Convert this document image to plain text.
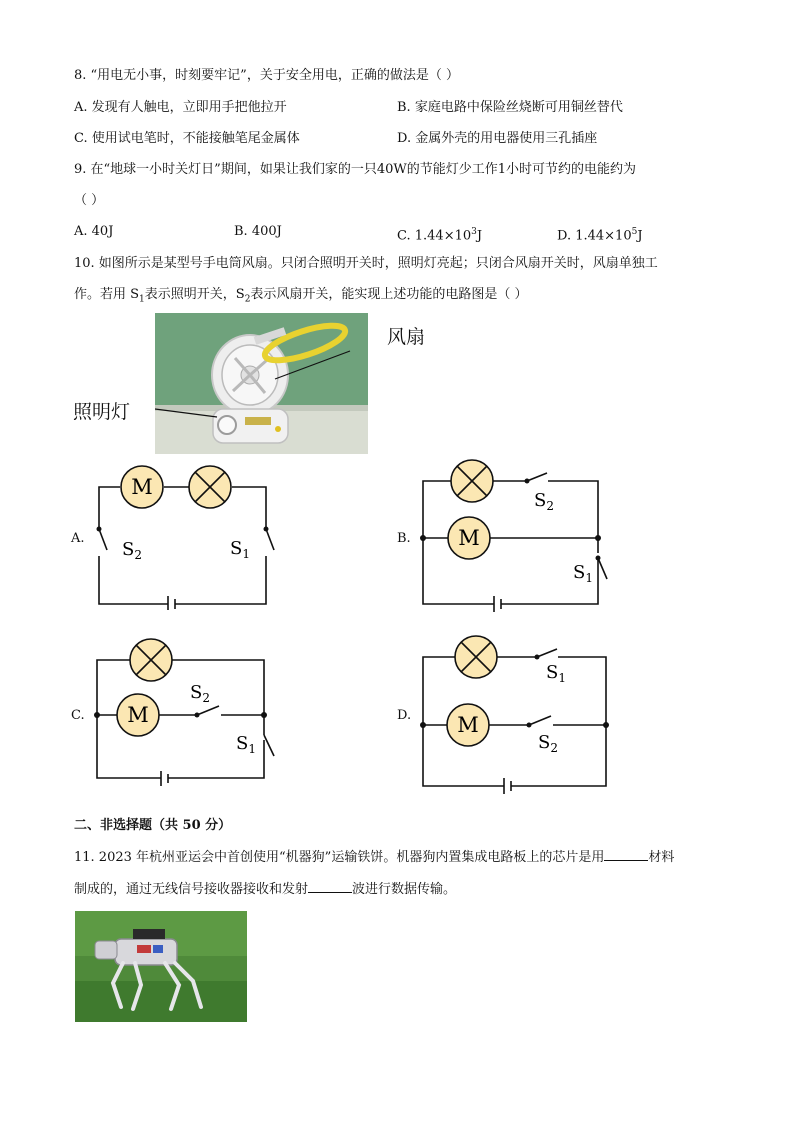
8. “用电无小事，时刻要牢记”，关于安全用电，正确的做法是（ ）
A. 发现有人触电，立即用手把他拉开	B. 家庭电路中保险丝烧断可用铜丝替代
C. 使用试电笔时，不能接触笔尾金属体	D. 金属外壳的用电器使用三孔插座
9. 在“地球一小时关灯日”期间，如果让我们家的一只40W的节能灯少工作1小时可节约的电能约为
（ ）
A. 40J	B. 400J	C. $1.44\times 10^3J$	D. $1.44\times 10^5J$
10. 如图所示是某型号手电筒风扇。只闭合照明开关时，照明灯亮起；只闭合风扇开关时，风扇单独工
作。若用 $S_1$表示照明开关，$S_2$表示风扇开关，能实现上述功能的电路图是（ ）
风扇
照明灯
M
$S_2$	$S_1$
A.	M
$S_2$
$S_1$
B.
M
$S_2$
$S_1$
C.	M
$S_1$
$S_2$
D.
二、非选择题（共 50 分）
11. 2023 年杭州亚运会中首创使用“机器狗”运输铁饼。机器狗内置集成电路板上的芯片是用	材料
制成的，通过无线信号接收器接收和发射	波进行数据传输。
